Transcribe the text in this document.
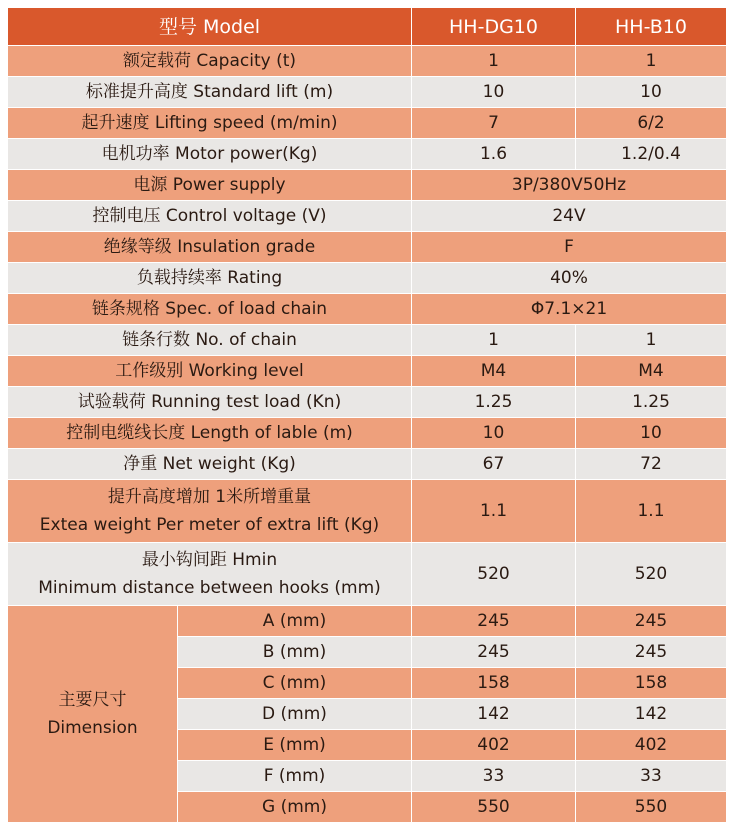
型号 Model		HH-DG10	HH-B10
额定载荷 Capacity (t)		1	1
标准提升高度 Standard lift (m)		10	10
起升速度 Lifting speed (m/min)		7	6/2
电机功率 Motor power(Kg)		1.6	1.2/0.4
电源 Power supply		3P/380V50Hz	
控制电压 Control voltage (V)		24V	
绝缘等级 Insulation grade		F	
负载持续率 Rating		40%	
链条规格 Spec. of load chain		Φ7.1×21	
链条行数 No. of chain		1	1
工作级别 Working level		M4	M4
试验载荷 Running test load (Kn)		1.25	1.25
控制电缆线长度 Length of lable (m)		10	10
净重 Net weight (Kg)		67	72
提升高度增加 1米所增重量
Extea weight Per meter of extra lift (Kg)		1.1	1.1
最小钩间距 Hmin
Minimum distance between hooks (mm)		520	520
主要尺寸
Dimension	A (mm)	245	245
	B (mm)	245	245
	C (mm)	158	158
	D (mm)	142	142
	E (mm)	402	402
	F (mm)	33	33
	G (mm)	550	550
